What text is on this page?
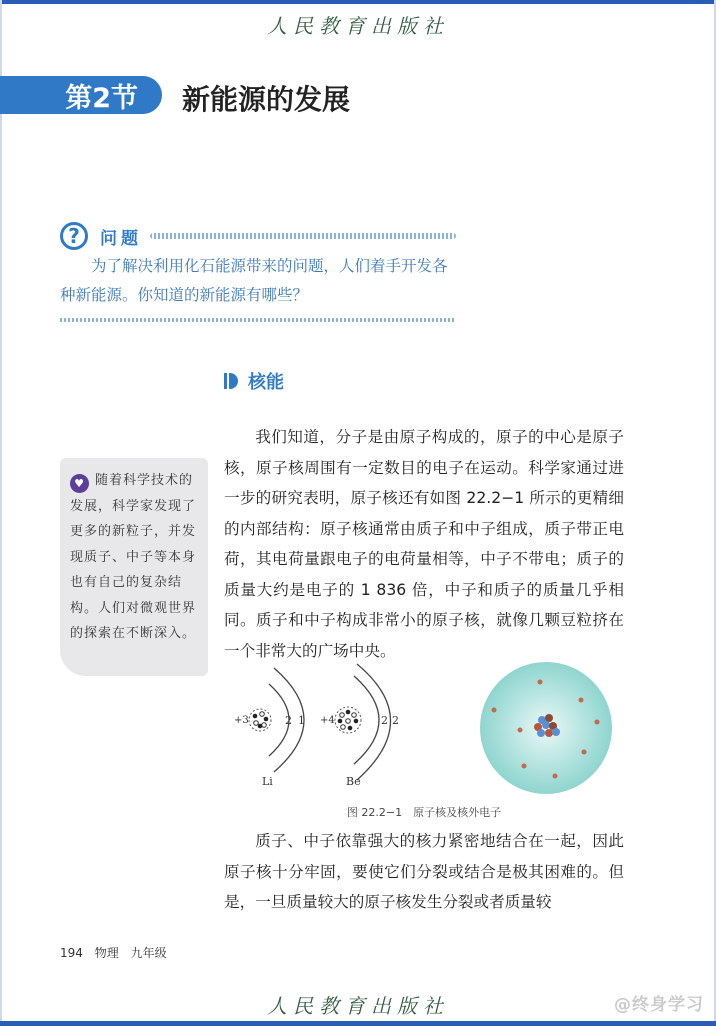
人民教育出版社
第2节 新能源的发展
?	问题
为了解决利用化石能源带来的问题，人们着手开发各种新能源。你知道的新能源有哪些？
核能
我们知道，分子是由原子构成的，原子的中心是原子核，原子核周围有一定数目的电子在运动。科学家通过进一步的研究表明，原子核还有如图 22.2−1 所示的更精细的内部结构：原子核通常由质子和中子组成，质子带正电荷，其电荷量跟电子的电荷量相等，中子不带电；质子的质量大约是电子的 1 836 倍，中子和质子的质量几乎相同。质子和中子构成非常小的原子核，就像几颗豆粒挤在一个非常大的广场中央。
♥ 随着科学技术的发展，科学家发现了更多的新粒子，并发现质子、中子等本身也有自己的复杂结构。人们对微观世界的探索在不断深入。
+3	2 1
Li
+4	2 2
Be
图 22.2−1　原子核及核外电子
质子、中子依靠强大的核力紧密地结合在一起，因此原子核十分牢固，要使它们分裂或结合是极其困难的。但是，一旦质量较大的原子核发生分裂或者质量较
194 物理 九年级
人民教育出版社	@终身学习
